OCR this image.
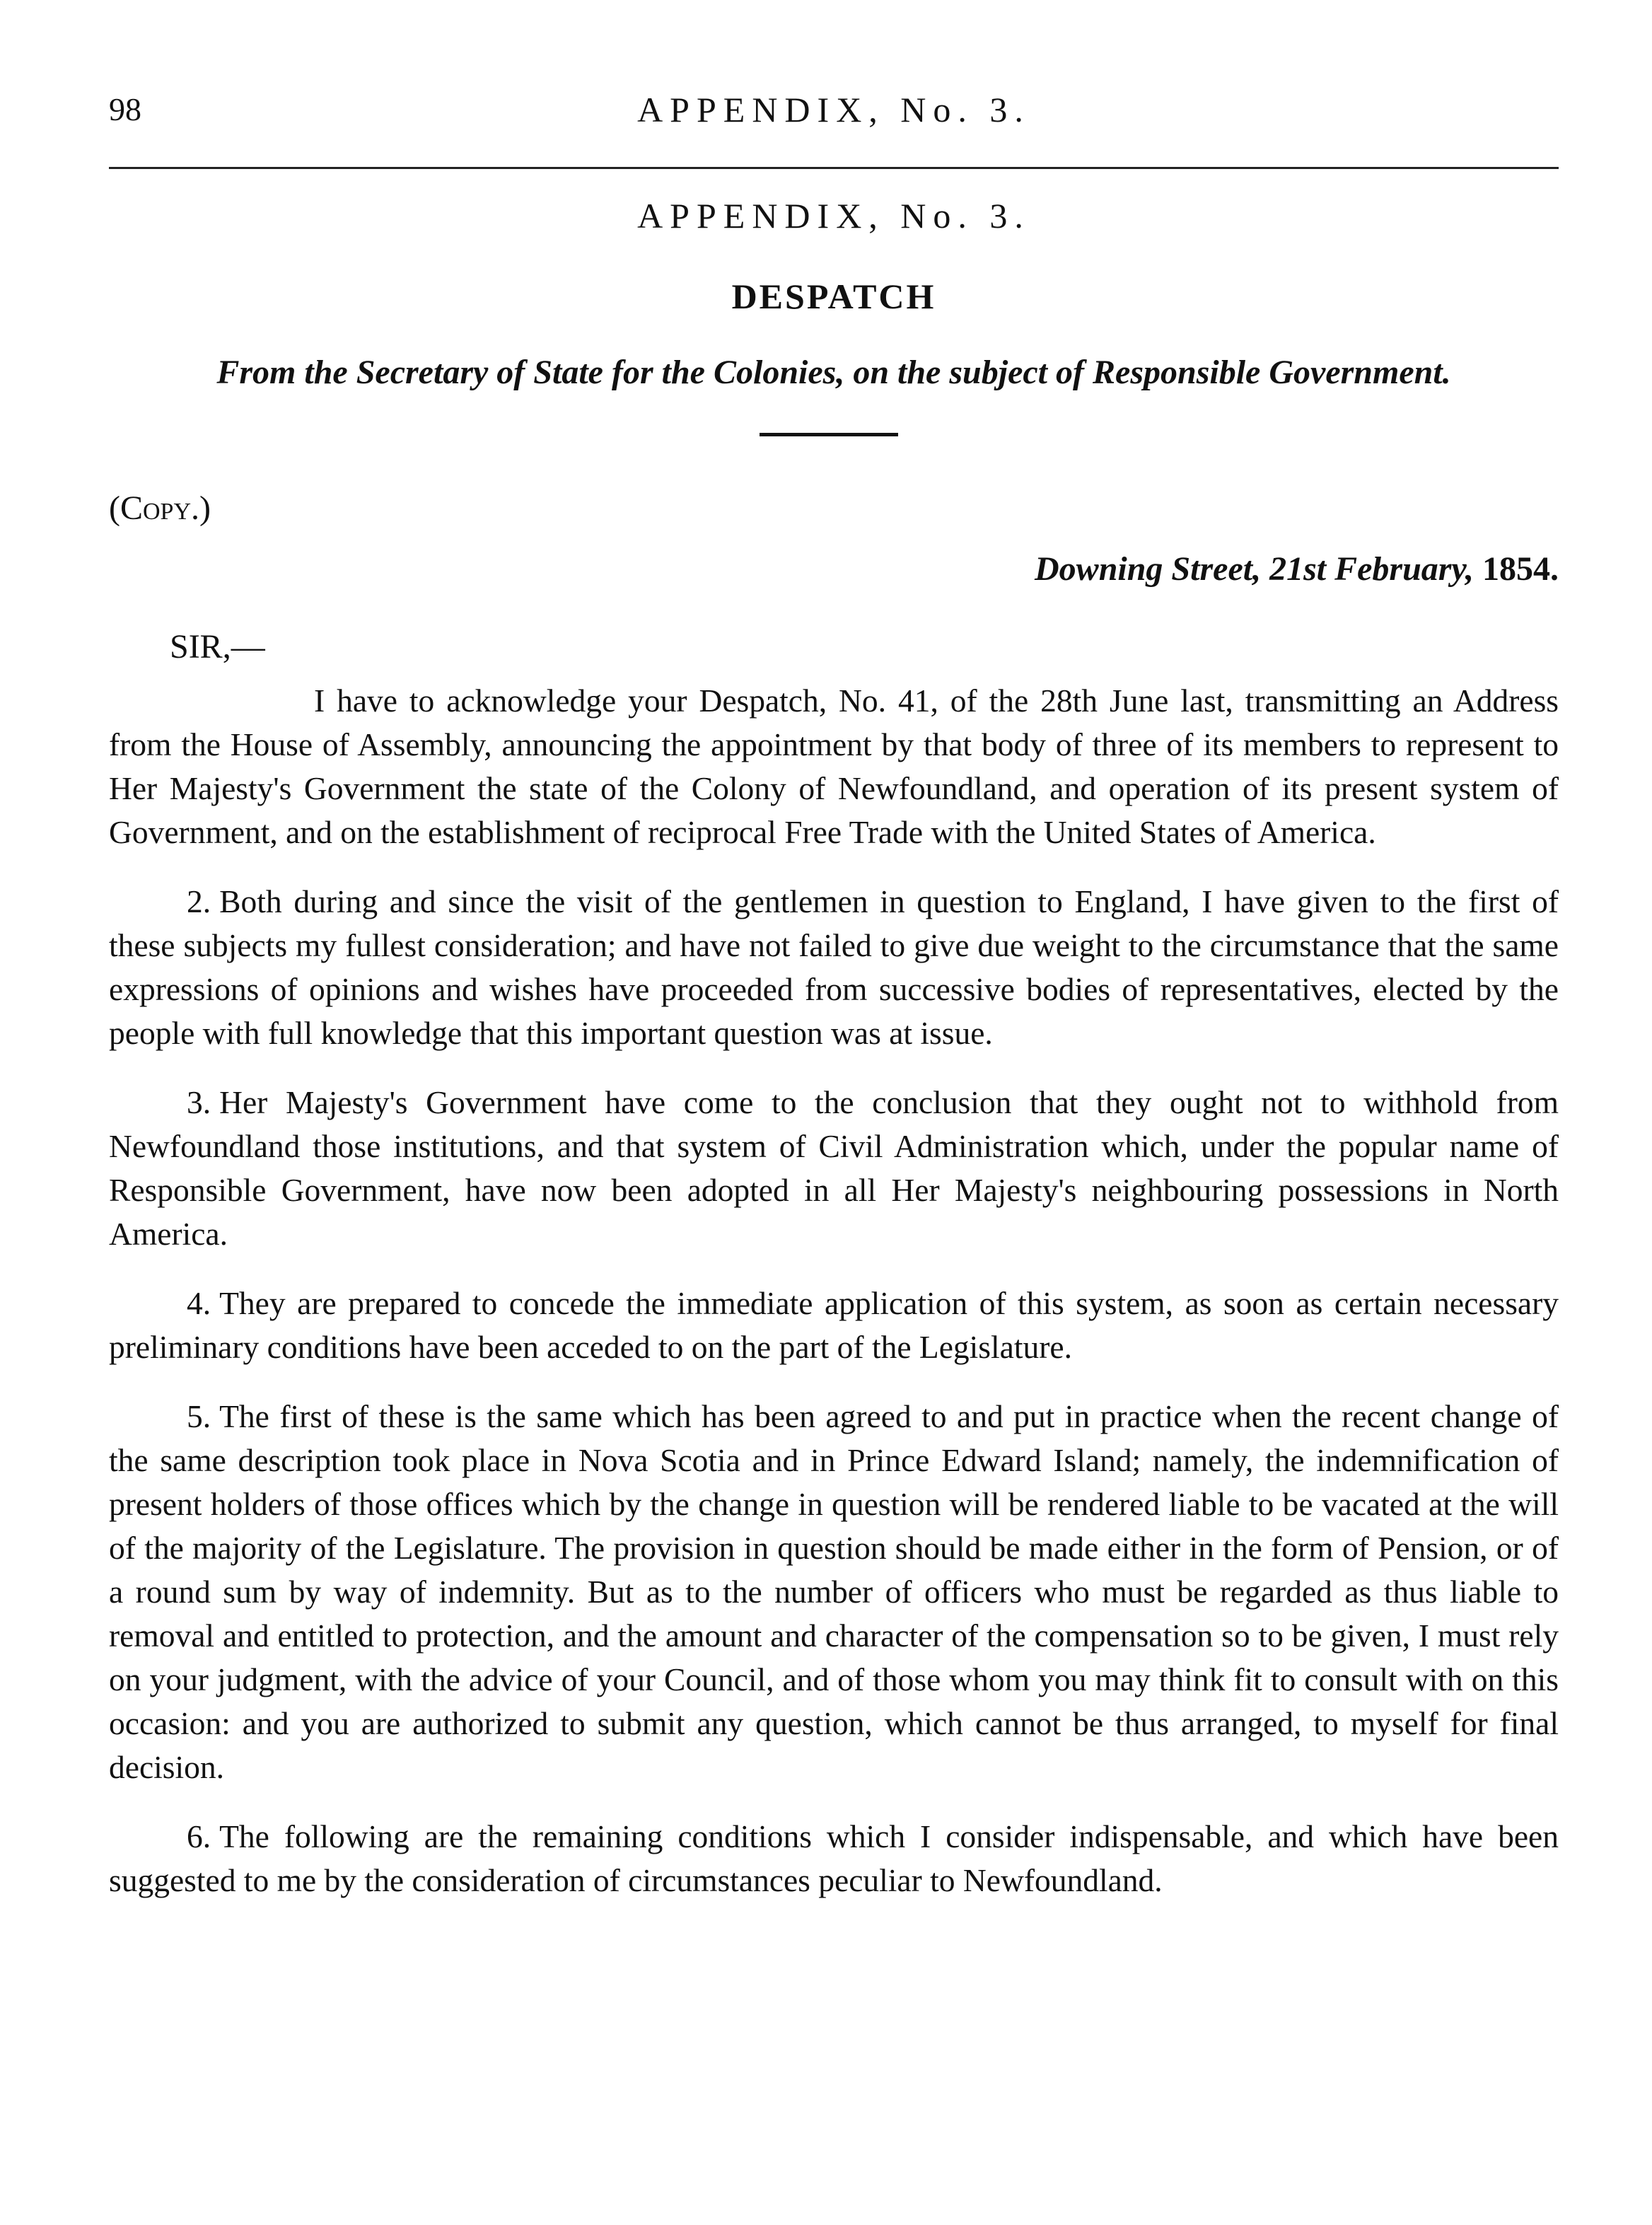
98	APPENDIX, No. 3.
APPENDIX, No. 3.
DESPATCH
From the Secretary of State for the Colonies, on the subject of Responsible Government.
(Copy.)
Downing Street, 21st February, 1854.
SIR,—

I have to acknowledge your Despatch, No. 41, of the 28th June last, transmitting an Address from the House of Assembly, announcing the appointment by that body of three of its members to represent to Her Majesty's Government the state of the Colony of Newfoundland, and operation of its present system of Government, and on the establishment of reciprocal Free Trade with the United States of America.

2. Both during and since the visit of the gentlemen in question to England, I have given to the first of these subjects my fullest consideration; and have not failed to give due weight to the circumstance that the same expressions of opinions and wishes have proceeded from successive bodies of representatives, elected by the people with full knowledge that this important question was at issue.

3. Her Majesty's Government have come to the conclusion that they ought not to withhold from Newfoundland those institutions, and that system of Civil Administration which, under the popular name of Responsible Government, have now been adopted in all Her Majesty's neighbouring possessions in North America.

4. They are prepared to concede the immediate application of this system, as soon as certain necessary preliminary conditions have been acceded to on the part of the Legislature.

5. The first of these is the same which has been agreed to and put in practice when the recent change of the same description took place in Nova Scotia and in Prince Edward Island; namely, the indemnification of present holders of those offices which by the change in question will be rendered liable to be vacated at the will of the majority of the Legislature. The provision in question should be made either in the form of Pension, or of a round sum by way of indemnity. But as to the number of officers who must be regarded as thus liable to removal and entitled to protection, and the amount and character of the compensation so to be given, I must rely on your judgment, with the advice of your Council, and of those whom you may think fit to consult with on this occasion: and you are authorized to submit any question, which cannot be thus arranged, to myself for final decision.

6. The following are the remaining conditions which I consider indispensable, and which have been suggested to me by the consideration of circumstances peculiar to Newfoundland.
